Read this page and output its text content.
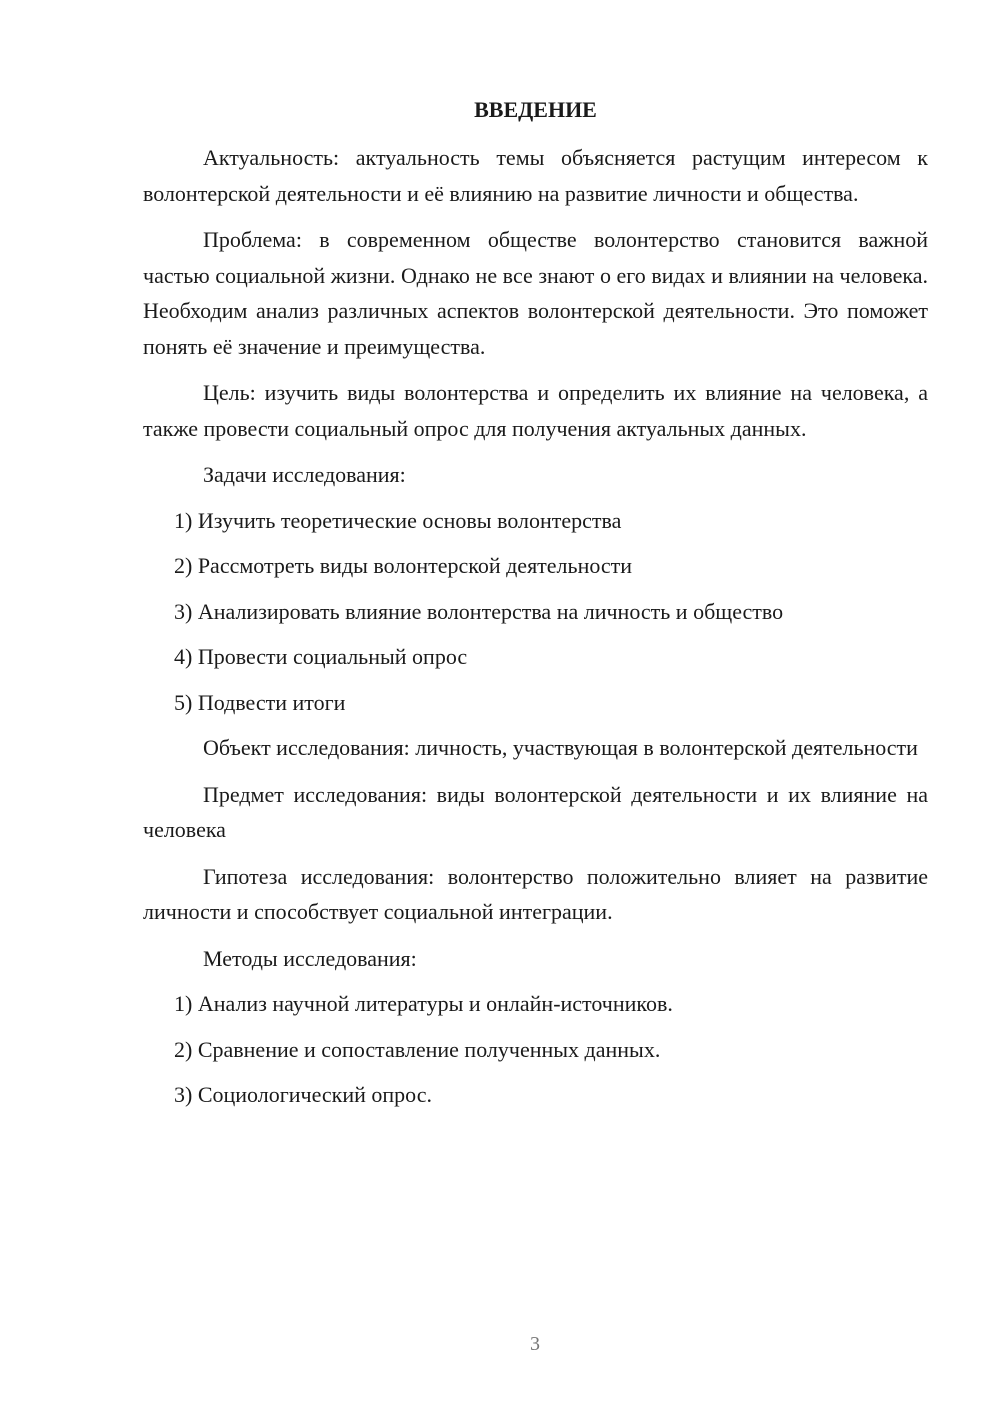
ВВЕДЕНИЕ

Актуальность: актуальность темы объясняется растущим интересом к волонтерской деятельности и её влиянию на развитие личности и общества.

Проблема: в современном обществе волонтерство становится важной частью социальной жизни. Однако не все знают о его видах и влиянии на человека. Необходим анализ различных аспектов волонтерской деятельности. Это поможет понять её значение и преимущества.

Цель: изучить виды волонтерства и определить их влияние на человека, а также провести социальный опрос для получения актуальных данных.

Задачи исследования:
1) Изучить теоретические основы волонтерства
2) Рассмотреть виды волонтерской деятельности
3) Анализировать влияние волонтерства на личность и общество
4) Провести социальный опрос
5) Подвести итоги

Объект исследования: личность, участвующая в волонтерской деятельности

Предмет исследования: виды волонтерской деятельности и их влияние на человека

Гипотеза исследования: волонтерство положительно влияет на развитие личности и способствует социальной интеграции.

Методы исследования:
1) Анализ научной литературы и онлайн-источников.
2) Сравнение и сопоставление полученных данных.
3) Социологический опрос.
3
